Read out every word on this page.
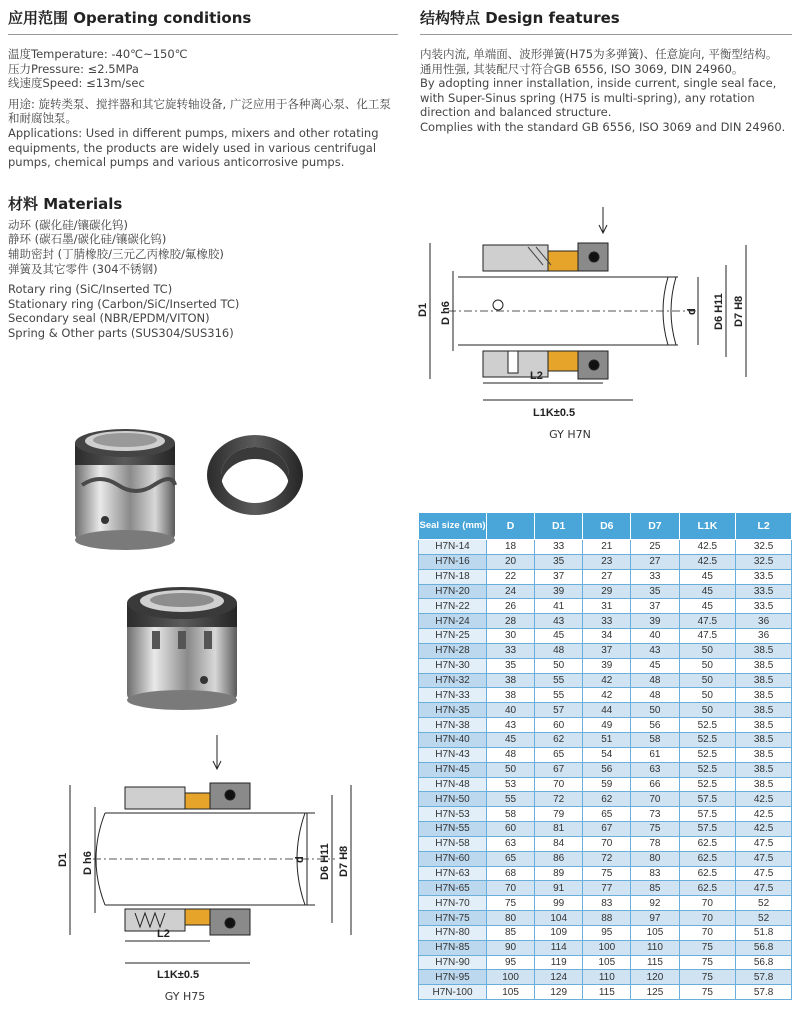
应用范围 Operating conditions

温度Temperature: -40℃~150℃

压力Pressure: ≤2.5MPa

线速度Speed: ≤13m/sec

用途: 旋转类泵、搅拌器和其它旋转轴设备, 广泛应用于各种离心泵、化工泵和耐腐蚀泵。

Applications: Used in different pumps, mixers and other rotating equipments, the products are widely used in various centrifugal pumps, chemical pumps and various anticorrosive pumps.

材料 Materials

动环 (碳化硅/镶碳化钨)

静环 (碳石墨/碳化硅/镶碳化钨)

辅助密封 (丁腈橡胶/三元乙丙橡胶/氟橡胶)

弹簧及其它零件 (304不锈钢)

Rotary ring (SiC/Inserted TC)

Stationary ring (Carbon/SiC/Inserted TC)

Secondary seal (NBR/EPDM/VITON)

Spring & Other parts (SUS304/SUS316)

结构特点 Design features

内装内流, 单端面、波形弹簧(H75为多弹簧)、任意旋向, 平衡型结构。

通用性强, 其装配尺寸符合GB 6556, ISO 3069, DIN 24960。

By adopting inner installation, inside current, single seal face, with Super-Sinus spring (H75 is multi-spring), any rotation direction and balanced structure.

Complies with the standard GB 6556, ISO 3069 and DIN 24960.

D1 D h6	d D6 H11 D7 H8
L2
L1K±0.5
GY H7N
D1 D h6	d D6 H11 D7 H8
L2
L1K±0.5
GY H75
Seal size (mm)	D	D1	D6	D7	L1K	L2
H7N-14	18	33	21	25	42.5	32.5
H7N-16	20	35	23	27	42.5	32.5
H7N-18	22	37	27	33	45	33.5
H7N-20	24	39	29	35	45	33.5
H7N-22	26	41	31	37	45	33.5
H7N-24	28	43	33	39	47.5	36
H7N-25	30	45	34	40	47.5	36
H7N-28	33	48	37	43	50	38.5
H7N-30	35	50	39	45	50	38.5
H7N-32	38	55	42	48	50	38.5
H7N-33	38	55	42	48	50	38.5
H7N-35	40	57	44	50	50	38.5
H7N-38	43	60	49	56	52.5	38.5
H7N-40	45	62	51	58	52.5	38.5
H7N-43	48	65	54	61	52.5	38.5
H7N-45	50	67	56	63	52.5	38.5
H7N-48	53	70	59	66	52.5	38.5
H7N-50	55	72	62	70	57.5	42.5
H7N-53	58	79	65	73	57.5	42.5
H7N-55	60	81	67	75	57.5	42.5
H7N-58	63	84	70	78	62.5	47.5
H7N-60	65	86	72	80	62.5	47.5
H7N-63	68	89	75	83	62.5	47.5
H7N-65	70	91	77	85	62.5	47.5
H7N-70	75	99	83	92	70	52
H7N-75	80	104	88	97	70	52
H7N-80	85	109	95	105	70	51.8
H7N-85	90	114	100	110	75	56.8
H7N-90	95	119	105	115	75	56.8
H7N-95	100	124	110	120	75	57.8
H7N-100	105	129	115	125	75	57.8
